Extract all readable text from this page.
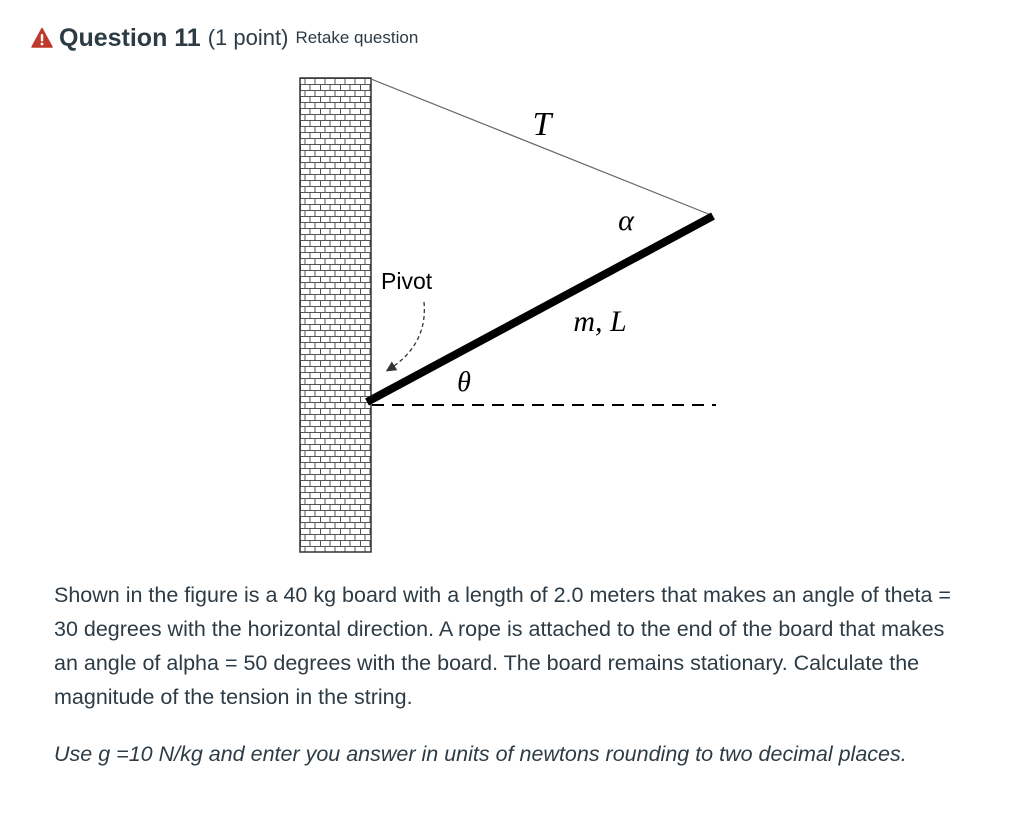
Question 11 (1 point) Retake question
T
α
Pivot
m, L
θ

Shown in the figure is a 40 kg board with a length of 2.0 meters that makes an angle of theta = 30 degrees with the horizontal direction. A rope is attached to the end of the board that makes an angle of alpha = 50 degrees with the board. The board remains stationary. Calculate the magnitude of the tension in the string.

Use g =10 N/kg and enter you answer in units of newtons rounding to two decimal places.
